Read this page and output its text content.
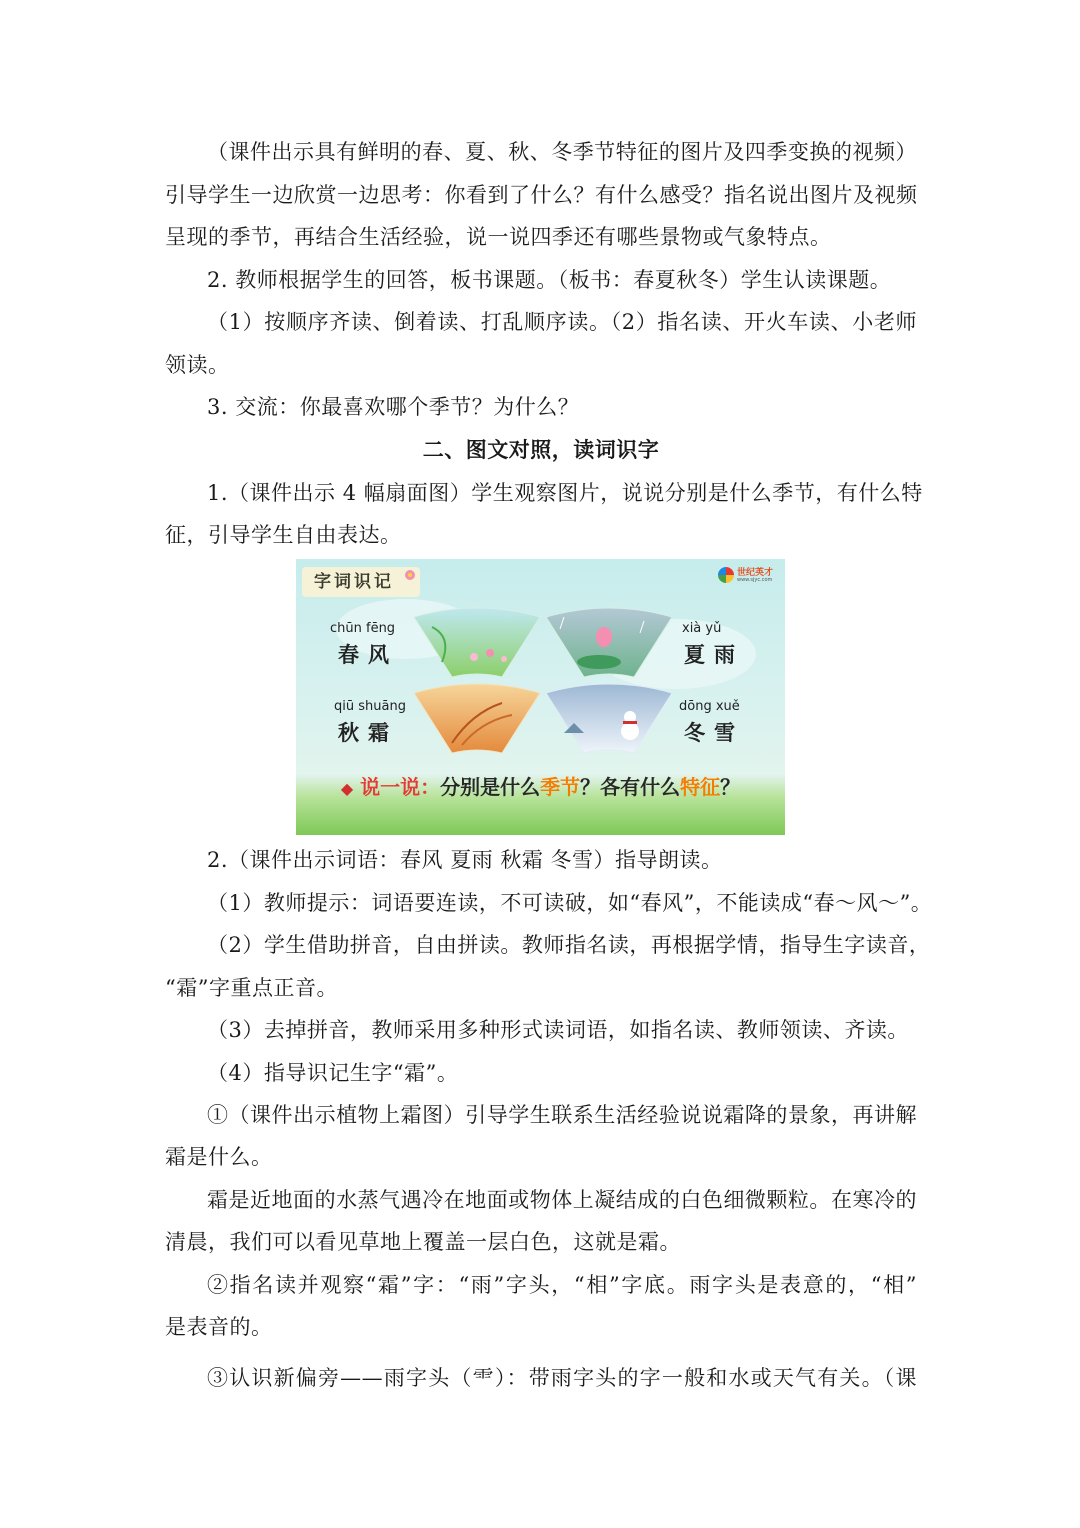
（课件出示具有鲜明的春、夏、秋、冬季节特征的图片及四季变换的视频）
引导学生一边欣赏一边思考：你看到了什么？有什么感受？指名说出图片及视频
呈现的季节，再结合生活经验，说一说四季还有哪些景物或气象特点。
2. 教师根据学生的回答，板书课题。（板书：春夏秋冬）学生认读课题。
（1）按顺序齐读、倒着读、打乱顺序读。（2）指名读、开火车读、小老师
领读。
3. 交流：你最喜欢哪个季节？为什么？
二、图文对照，读词识字
1.（课件出示 4 幅扇面图）学生观察图片，说说分别是什么季节，有什么特
征，引导学生自由表达。
字词识记	世纪英才
www.sjyc.com
chūn fēng
春风
xià yǔ
夏雨
qiū shuāng
秋霜
dōng xuě
冬雪
◆ 说一说：分别是什么季节？各有什么特征？
2.（课件出示词语：春风 夏雨 秋霜 冬雪）指导朗读。
（1）教师提示：词语要连读，不可读破，如“春风”，不能读成“春～风～”。
（2）学生借助拼音，自由拼读。教师指名读，再根据学情，指导生字读音，
“霜”字重点正音。
（3）去掉拼音，教师采用多种形式读词语，如指名读、教师领读、齐读。
（4）指导识记生字“霜”。
①（课件出示植物上霜图）引导学生联系生活经验说说霜降的景象，再讲解
霜是什么。
霜是近地面的水蒸气遇冷在地面或物体上凝结成的白色细微颗粒。在寒冷的
清晨，我们可以看见草地上覆盖一层白色，这就是霜。
②指名读并观察“霜”字：“雨”字头，“相”字底。雨字头是表意的，“相”
是表音的。
③认识新偏旁——雨字头（⻗）：带雨字头的字一般和水或天气有关。（课
